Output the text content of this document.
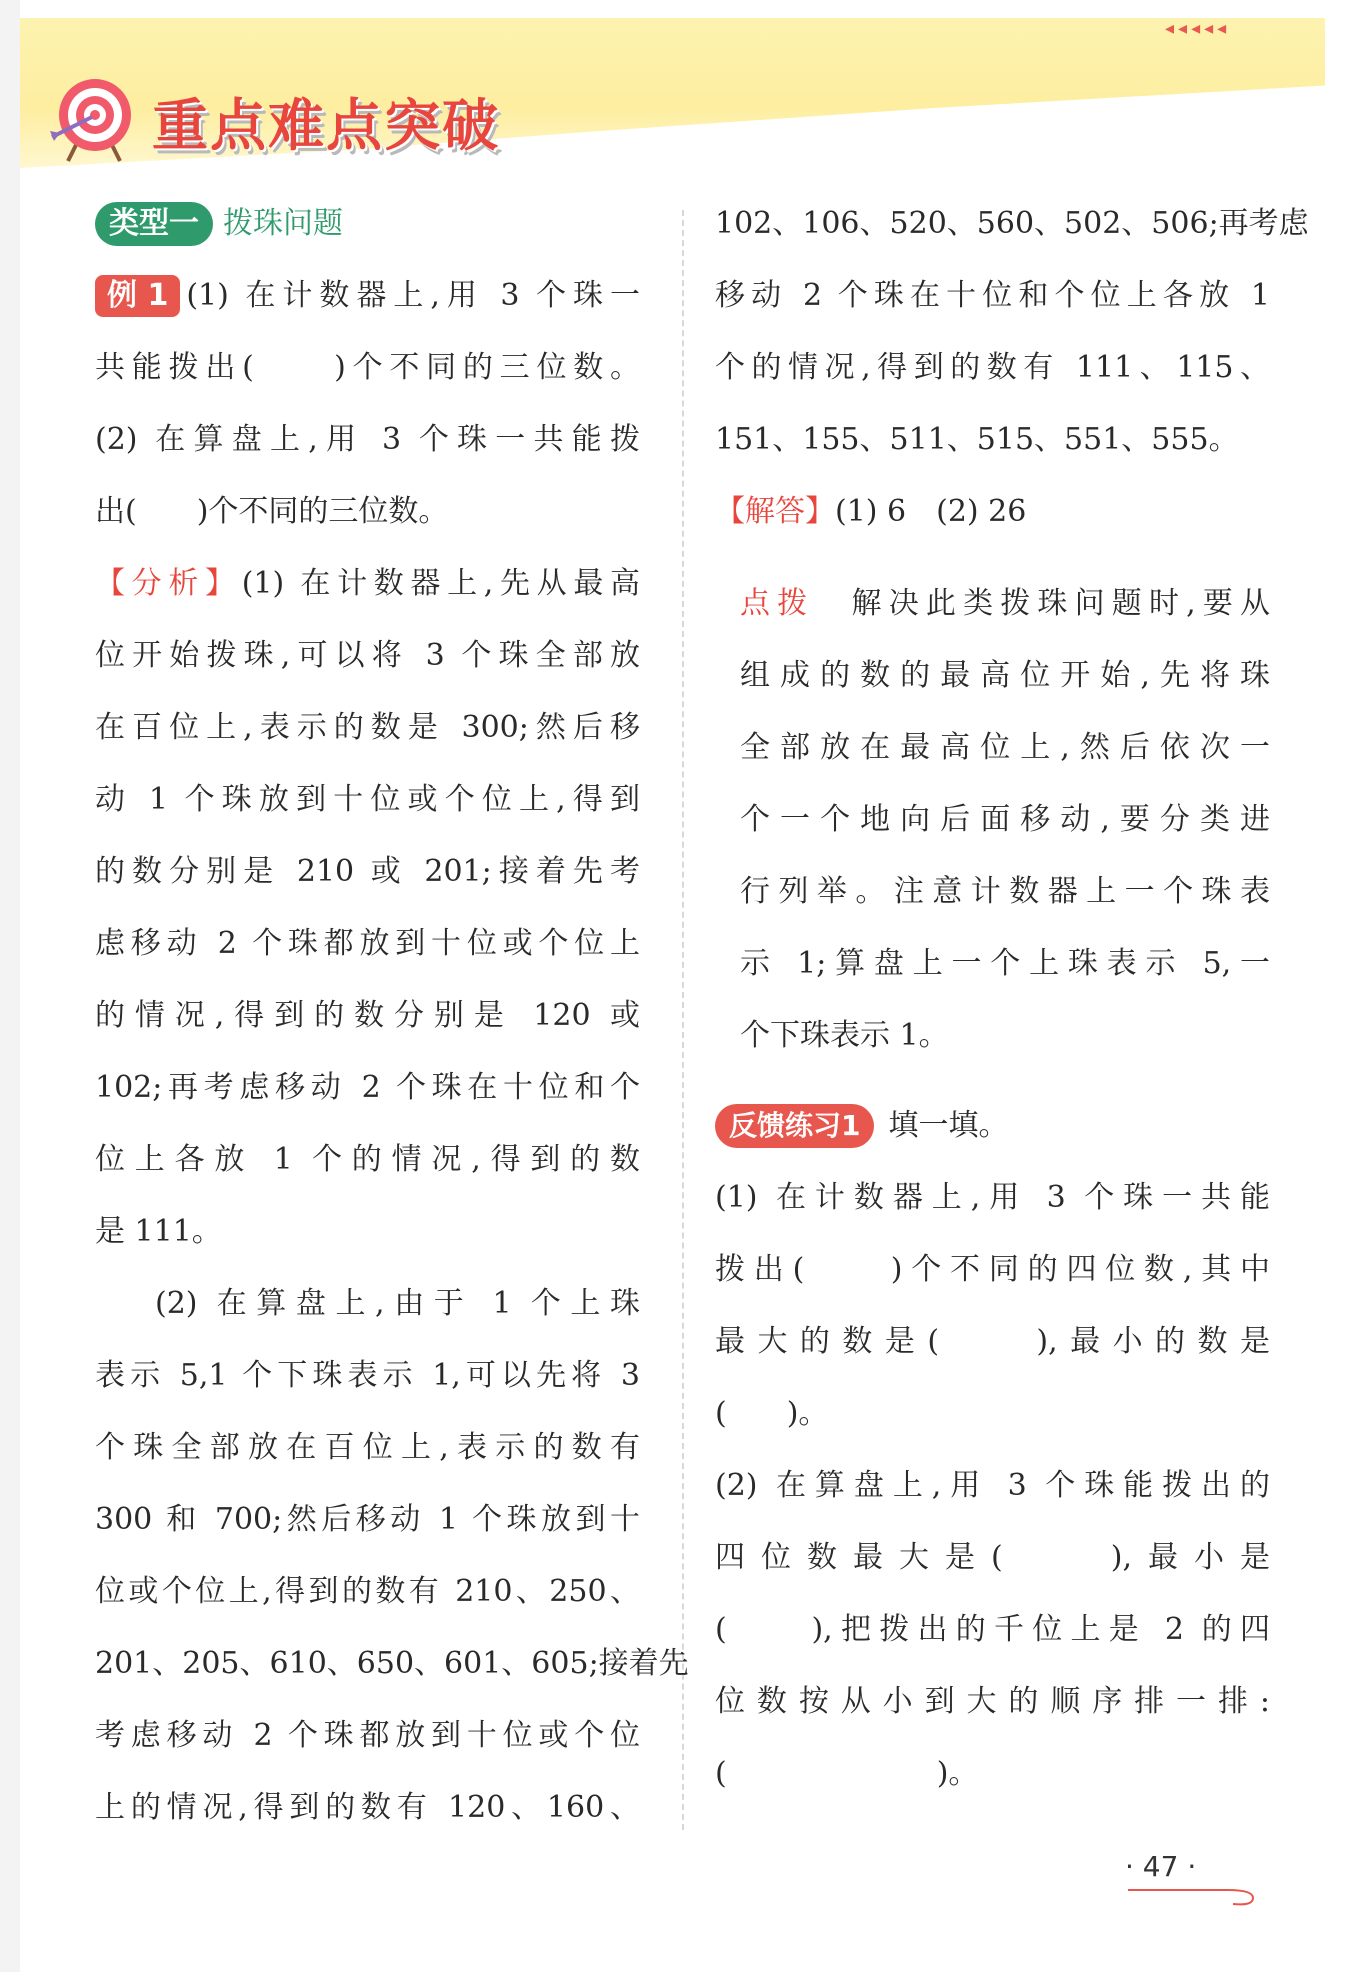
◂◂◂◂◂
重点难点突破
类型一 拨珠问题
例 1 (1) 在计数器上,用 3 个珠一
共能拨出(　　)个不同的三位数。
(2) 在算盘上,用 3 个珠一共能拨
出(　　)个不同的三位数。
【分析】(1) 在计数器上,先从最高
位开始拨珠,可以将 3 个珠全部放
在百位上,表示的数是 300;然后移
动 1 个珠放到十位或个位上,得到
的数分别是 210 或 201;接着先考
虑移动 2 个珠都放到十位或个位上
的情况,得到的数分别是 120 或
102;再考虑移动 2 个珠在十位和个
位上各放 1 个的情况,得到的数
是 111。
(2) 在算盘上,由于 1 个上珠
表示 5,1 个下珠表示 1,可以先将 3
个珠全部放在百位上,表示的数有
300 和 700;然后移动 1 个珠放到十
位或个位上,得到的数有 210、250、
201、205、610、650、601、605;接着先
考虑移动 2 个珠都放到十位或个位
上的情况,得到的数有 120、160、
102、106、520、560、502、506;再考虑
移动 2 个珠在十位和个位上各放 1
个的情况,得到的数有 111、115、
151、155、511、515、551、555。
【解答】(1) 6　(2) 26
点拨　 解决此类拨珠问题时,要从
组成的数的最高位开始,先将珠
全部放在最高位上,然后依次一
个一个地向后面移动,要分类进
行列举。注意计数器上一个珠表
示 1;算盘上一个上珠表示 5,一
个下珠表示 1。
反馈练习1 填一填。
(1) 在计数器上,用 3 个珠一共能
拨出(　　)个不同的四位数,其中
最大的数是(　　),最小的数是
(　　)。
(2) 在算盘上,用 3 个珠能拨出的
四位数最大是(　　),最小是
(　　),把拨出的千位上是 2 的四
位数按从小到大的顺序排一排:
(　　　　　　　)。
· 47 ·
